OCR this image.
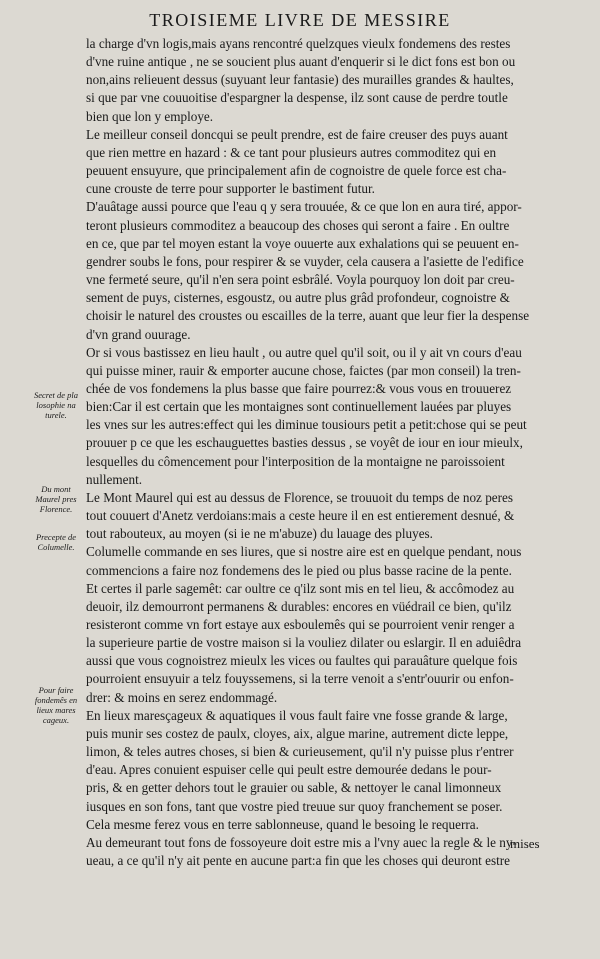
TROISIEME LIVRE DE MESSIRE

la charge d'vn logis,mais ayans rencontré quelzques vieulx fondemens des restes
d'vne ruine antique , ne se soucient plus auant d'enquerir si le dict fons est bon ou
non,ains relieuent dessus (suyuant leur fantasie) des murailles grandes & haultes,
si que par vne couuoitise d'espargner la despense, ilz sont cause de perdre toutle
bien que lon y employe.

Le meilleur conseil doncqui se peult prendre, est de faire creuser des puys auant
que rien mettre en hazard : & ce tant pour plusieurs autres commoditez qui en
peuuent ensuyure, que principalement afin de cognoistre de quele force est cha-
cune crouste de terre pour supporter le bastiment futur.

D'auâtage aussi pource que l'eau q y sera trouuée, & ce que lon en aura tiré, appor-
teront plusieurs commoditez a beaucoup des choses qui seront a faire . En oultre
en ce, que par tel moyen estant la voye ouuerte aux exhalations qui se peuuent en-
gendrer soubs le fons, pour respirer & se vuyder, cela causera a l'asiette de l'edifice
vne fermeté seure, qu'il n'en sera point esbrâlé. Voyla pourquoy lon doit par creu-
sement de puys, cisternes, esgoustz, ou autre plus grâd profondeur, cognoistre &
choisir le naturel des croustes ou escailles de la terre, auant que leur fier la despense
d'vn grand ouurage.

Or si vous bastissez en lieu hault , ou autre quel qu'il soit, ou il y ait vn cours d'eau
qui puisse miner, rauir & emporter aucune chose, faictes (par mon conseil) la tren-
chée de vos fondemens la plus basse que faire pourrez:& vous vous en trouuerez
bien:Car il est certain que les montaignes sont continuellement lauées par pluyes
les vnes sur les autres:effect qui les diminue tousiours petit a petit:chose qui se peut
prouuer p ce que les eschauguettes basties dessus , se voyêt de iour en iour mieulx,
lesquelles du cômencement pour l'interposition de la montaigne ne paroissoient
nullement.

Le Mont Maurel qui est au dessus de Florence, se trouuoit du temps de noz peres
tout couuert d'Anetz verdoians:mais a ceste heure il en est entierement desnué, &
tout rabouteux, au moyen (si ie ne m'abuze) du lauage des pluyes.

Columelle commande en ses liures, que si nostre aire est en quelque pendant, nous
commencions a faire noz fondemens des le pied ou plus basse racine de la pente.
Et certes il parle sagemêt: car oultre ce q'ilz sont mis en tel lieu, & accômodez au
deuoir, ilz demourront permanens & durables: encores en vüédrail ce bien, qu'ilz
resisteront comme vn fort estaye aux esboulemês qui se pourroient venir renger a
la superieure partie de vostre maison si la vouliez dilater ou eslargir. Il en aduiêdra
aussi que vous cognoistrez mieulx les vices ou faultes qui parauâture quelque fois
pourroient ensuyuir a telz fouyssemens, si la terre venoit a s'entr'ouurir ou enfon-
drer: & moins en serez endommagé.

En lieux maresçageux & aquatiques il vous fault faire vne fosse grande & large,
puis munir ses costez de paulx, cloyes, aix, algue marine, autrement dicte leppe,
limon, & teles autres choses, si bien & curieusement, qu'il n'y puisse plus r'entrer
d'eau. Apres conuient espuiser celle qui peult estre demourée dedans le pour-
pris, & en getter dehors tout le grauier ou sable, & nettoyer le canal limonneux
iusques en son fons, tant que vostre pied treuue sur quoy franchement se poser.
Cela mesme ferez vous en terre sablonneuse, quand le besoing le requerra.

Au demeurant tout fons de fossoyeure doit estre mis a l'vny auec la regle & le ny-
ueau, a ce qu'il n'y ait pente en aucune part:a fin que les choses qui deuront estre

Secret de pla losophie na turele.
Du mont Maurel pres Florence.
Precepte de Columelle.
Pour faire fondemês en lieux mares cageux.
mises
